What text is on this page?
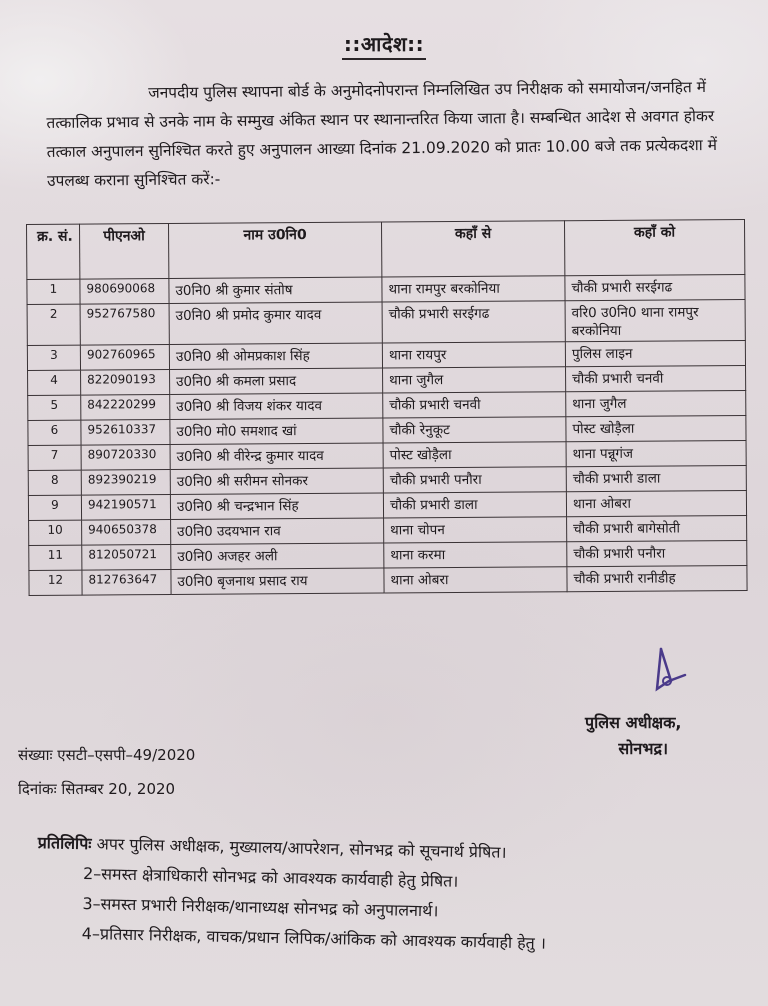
::आदेश::
जनपदीय पुलिस स्थापना बोर्ड के अनुमोदनोपरान्त निम्नलिखित उप निरीक्षक को समायोजन/जनहित में तत्कालिक प्रभाव से उनके नाम के सम्मुख अंकित स्थान पर स्थानान्तरित किया जाता है। सम्बन्धित आदेश से अवगत होकर तत्काल अनुपालन सुनिश्चित करते हुए अनुपालन आख्या दिनांक 21.09.2020 को प्रातः 10.00 बजे तक प्रत्येकदशा में उपलब्ध कराना सुनिश्चित करें:-
क्र. सं.	पीएनओ	नाम उ0नि0	कहाँ से	कहाँ को
1	980690068	उ0नि0 श्री कुमार संतोष	थाना रामपुर बरकोनिया	चौकी प्रभारी सरईगढ
2	952767580	उ0नि0 श्री प्रमोद कुमार यादव	चौकी प्रभारी सरईगढ	वरि0 उ0नि0 थाना रामपुर बरकोनिया
3	902760965	उ0नि0 श्री ओमप्रकाश सिंह	थाना रायपुर	पुलिस लाइन
4	822090193	उ0नि0 श्री कमला प्रसाद	थाना जुगैल	चौकी प्रभारी चनवी
5	842220299	उ0नि0 श्री विजय शंकर यादव	चौकी प्रभारी चनवी	थाना जुगैल
6	952610337	उ0नि0 मो0 समशाद खां	चौकी रेनुकूट	पोस्ट खोड़ैला
7	890720330	उ0नि0 श्री वीरेन्द्र कुमार यादव	पोस्ट खोड़ैला	थाना पन्नूगंज
8	892390219	उ0नि0 श्री सरीमन सोनकर	चौकी प्रभारी पनौरा	चौकी प्रभारी डाला
9	942190571	उ0नि0 श्री चन्द्रभान सिंह	चौकी प्रभारी डाला	थाना ओबरा
10	940650378	उ0नि0 उदयभान राव	थाना चोपन	चौकी प्रभारी बागेसोती
11	812050721	उ0नि0 अजहर अली	थाना करमा	चौकी प्रभारी पनौरा
12	812763647	उ0नि0 बृजनाथ प्रसाद राय	थाना ओबरा	चौकी प्रभारी रानीडीह
पुलिस अधीक्षक,
सोनभद्र।
संख्याः एसटी–एसपी–49/2020
दिनांकः सितम्बर 20, 2020
प्रतिलिपिः अपर पुलिस अधीक्षक, मुख्यालय/आपरेशन, सोनभद्र को सूचनार्थ प्रेषित।
2–समस्त क्षेत्राधिकारी सोनभद्र को आवश्यक कार्यवाही हेतु प्रेषित।
3–समस्त प्रभारी निरीक्षक/थानाध्यक्ष सोनभद्र को अनुपालनार्थ।
4–प्रतिसार निरीक्षक, वाचक/प्रधान लिपिक/आंकिक को आवश्यक कार्यवाही हेतु ।
